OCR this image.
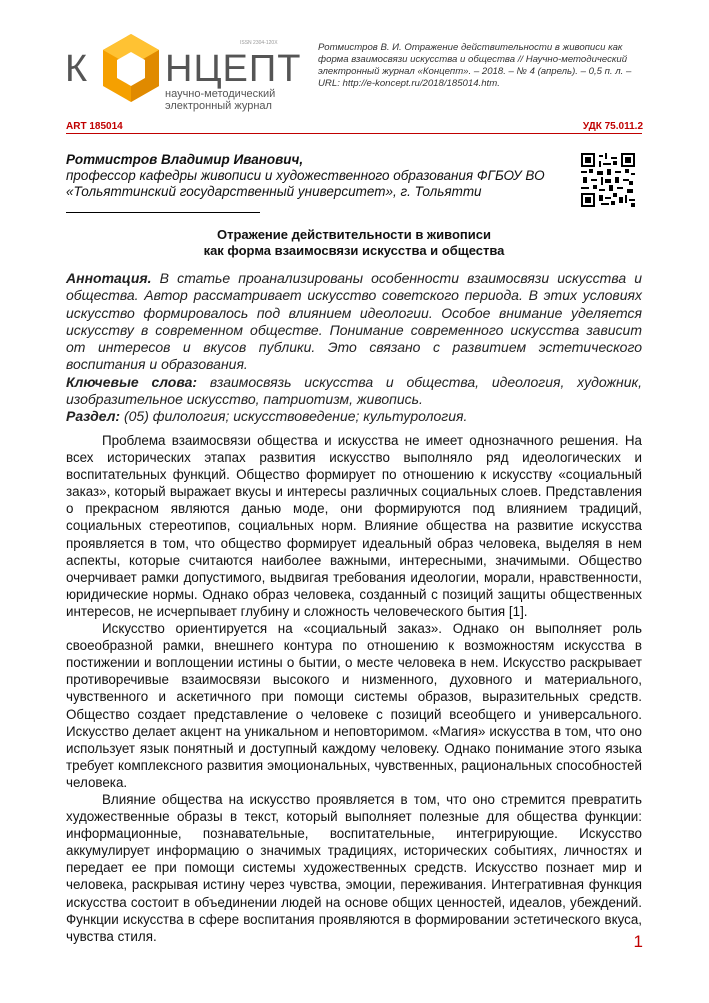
К НЦЕПТ
ISSN 2304-120X
научно-методический
электронный журнал
Ротмистров В. И. Отражение действительности в живописи как форма взаимосвязи искусства и общества // Научно-методический электронный журнал «Концепт». – 2018. – № 4 (апрель). – 0,5 п. л. – URL: http://e-koncept.ru/2018/185014.htm.
ART 185014	УДК 75.011.2
Ротмистров Владимир Иванович,
профессор кафедры живописи и художественного образования ФГБОУ ВО «Тольяттинский государственный университет», г. Тольятти
Отражение действительности в живописи
как форма взаимосвязи искусства и общества
Аннотация. В статье проанализированы особенности взаимосвязи искусства и общества. Автор рассматривает искусство советского периода. В этих условиях искусство формировалось под влиянием идеологии. Особое внимание уделяется искусству в современном обществе. Понимание современного искусства зависит от интересов и вкусов публики. Это связано с развитием эстетического воспитания и образования.
Ключевые слова: взаимосвязь искусства и общества, идеология, художник, изобразительное искусство, патриотизм, живопись.
Раздел: (05) филология; искусствоведение; культурология.

Проблема взаимосвязи общества и искусства не имеет однозначного решения. На всех исторических этапах развития искусство выполняло ряд идеологических и воспитательных функций. Общество формирует по отношению к искусству «социальный заказ», который выражает вкусы и интересы различных социальных слоев. Представления о прекрасном являются данью моде, они формируются под влиянием традиций, социальных стереотипов, социальных норм. Влияние общества на развитие искусства проявляется в том, что общество формирует идеальный образ человека, выделяя в нем аспекты, которые считаются наиболее важными, интересными, значимыми. Общество очерчивает рамки допустимого, выдвигая требования идеологии, морали, нравственности, юридические нормы. Однако образ человека, созданный с позиций защиты общественных интересов, не исчерпывает глубину и сложность человеческого бытия [1].

Искусство ориентируется на «социальный заказ». Однако он выполняет роль своеобразной рамки, внешнего контура по отношению к возможностям искусства в постижении и воплощении истины о бытии, о месте человека в нем. Искусство раскрывает противоречивые взаимосвязи высокого и низменного, духовного и материального, чувственного и аскетичного при помощи системы образов, выразительных средств. Общество создает представление о человеке с позиций всеобщего и универсального. Искусство делает акцент на уникальном и неповторимом. «Магия» искусства в том, что оно использует язык понятный и доступный каждому человеку. Однако понимание этого языка требует комплексного развития эмоциональных, чувственных, рациональных способностей человека.

Влияние общества на искусство проявляется в том, что оно стремится превратить художественные образы в текст, который выполняет полезные для общества функции: информационные, познавательные, воспитательные, интегрирующие. Искусство аккумулирует информацию о значимых традициях, исторических событиях, личностях и передает ее при помощи системы художественных средств. Искусство познает мир и человека, раскрывая истину через чувства, эмоции, переживания. Интегративная функция искусства состоит в объединении людей на основе общих ценностей, идеалов, убеждений. Функции искусства в сфере воспитания проявляются в формировании эстетического вкуса, чувства стиля.	1
